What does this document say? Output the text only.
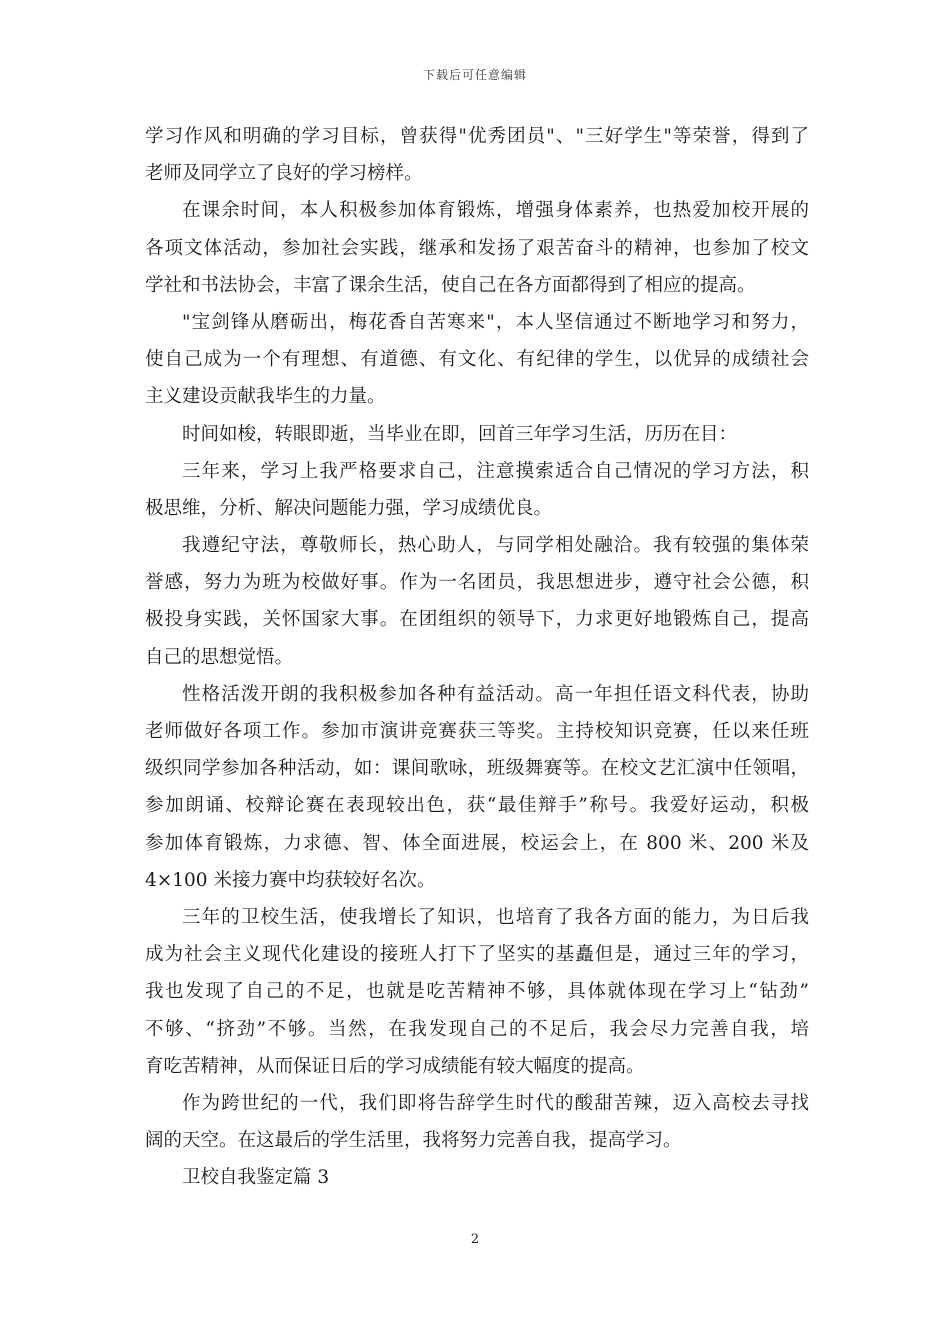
下载后可任意编辑
学习作风和明确的学习目标，曾获得"优秀团员"、"三好学生"等荣誉，得到了
老师及同学立了良好的学习榜样。
在课余时间，本人积极参加体育锻炼，增强身体素养，也热爱加校开展的
各项文体活动，参加社会实践，继承和发扬了艰苦奋斗的精神，也参加了校文
学社和书法协会，丰富了课余生活，使自己在各方面都得到了相应的提高。
"宝剑锋从磨砺出，梅花香自苦寒来"，本人坚信通过不断地学习和努力，
使自己成为一个有理想、有道德、有文化、有纪律的学生，以优异的成绩社会
主义建设贡献我毕生的力量。
时间如梭，转眼即逝，当毕业在即，回首三年学习生活，历历在目：
三年来，学习上我严格要求自己，注意摸索适合自己情况的学习方法，积
极思维，分析、解决问题能力强，学习成绩优良。
我遵纪守法，尊敬师长，热心助人，与同学相处融洽。我有较强的集体荣
誉感，努力为班为校做好事。作为一名团员，我思想进步，遵守社会公德，积
极投身实践，关怀国家大事。在团组织的领导下，力求更好地锻炼自己，提高
自己的思想觉悟。
性格活泼开朗的我积极参加各种有益活动。高一年担任语文科代表，协助
老师做好各项工作。参加市演讲竞赛获三等奖。主持校知识竞赛，任以来任班
级织同学参加各种活动，如：课间歌咏，班级舞赛等。在校文艺汇演中任领唱，
参加朗诵、校辩论赛在表现较出色，获“最佳辩手”称号。我爱好运动，积极
参加体育锻炼，力求德、智、体全面进展，校运会上，在 800 米、200 米及
4×100 米接力赛中均获较好名次。
三年的卫校生活，使我增长了知识，也培育了我各方面的能力，为日后我
成为社会主义现代化建设的接班人打下了坚实的基矗但是，通过三年的学习，
我也发现了自己的不足，也就是吃苦精神不够，具体就体现在学习上“钻劲”
不够、“挤劲”不够。当然，在我发现自己的不足后，我会尽力完善自我，培
育吃苦精神，从而保证日后的学习成绩能有较大幅度的提高。
作为跨世纪的一代，我们即将告辞学生时代的酸甜苦辣，迈入高校去寻找
阔的天空。在这最后的学生活里，我将努力完善自我，提高学习。
卫校自我鉴定篇 3
2
